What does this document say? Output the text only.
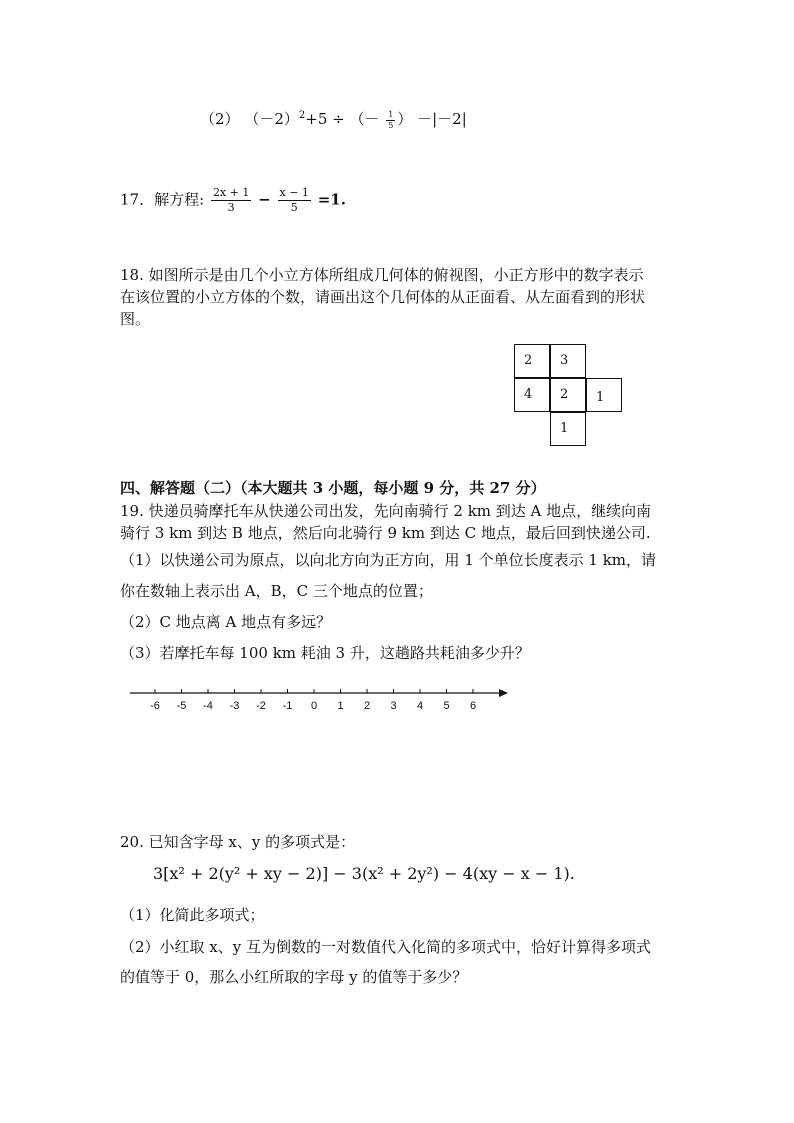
（2） $(-2)^2+5$ ÷ （－ $\frac{1}{5}$ ） －|－2|
17．解方程: $\frac{2x + 1}{3} - \frac{x - 1}{5} =1$.
18. 如图所示是由几个小立方体所组成几何体的俯视图，小正方形中的数字表示
在该位置的小立方体的个数，请画出这个几何体的从正面看、从左面看到的形状
图。
2 3
4 2 1
1
四、解答题（二）（本大题共 3 小题，每小题 9 分，共 27 分）
19. 快递员骑摩托车从快递公司出发，先向南骑行 2 km 到达 A 地点，继续向南
骑行 3 km 到达 B 地点，然后向北骑行 9 km 到达 C 地点，最后回到快递公司.
（1）以快递公司为原点，以向北方向为正方向，用 1 个单位长度表示 1 km，请
你在数轴上表示出 A，B，C 三个地点的位置；
（2）C 地点离 A 地点有多远？
（3）若摩托车每 100 km 耗油 3 升，这趟路共耗油多少升？
-6 -5 -4 -3 -2 -1 0 1 2 3 4 5 6
20. 已知含字母 x、y 的多项式是：
3[x² + 2(y² + xy − 2)] − 3(x² + 2y²) − 4(xy − x − 1).
（1）化简此多项式；
（2）小红取 x、y 互为倒数的一对数值代入化简的多项式中，恰好计算得多项式
的值等于 0，那么小红所取的字母 y 的值等于多少？
